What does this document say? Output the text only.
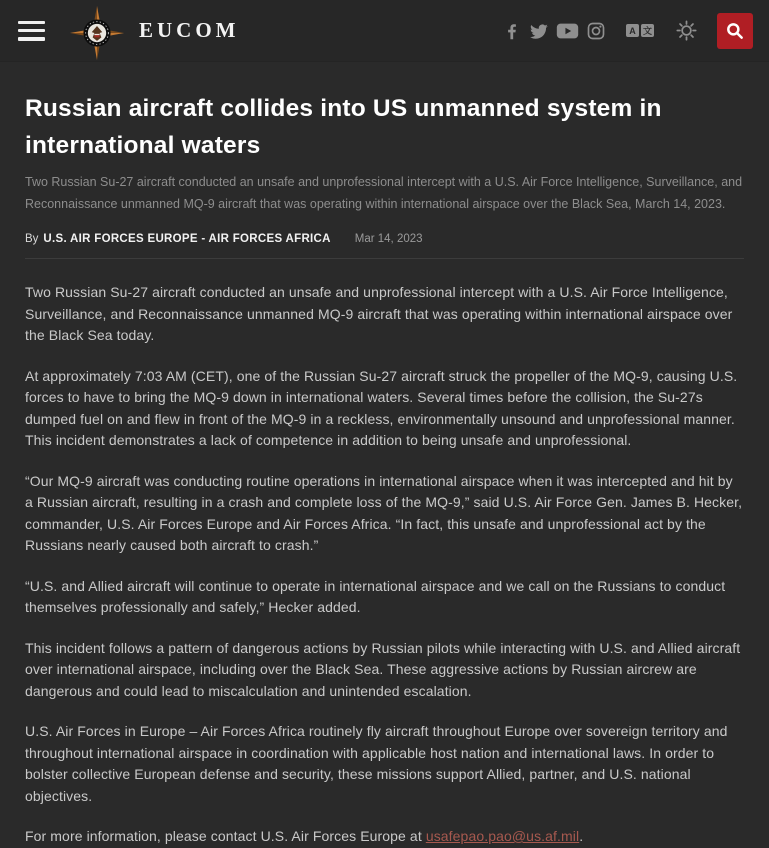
EUCOM	A 文
Russian aircraft collides into US unmanned system in international waters

Two Russian Su-27 aircraft conducted an unsafe and unprofessional intercept with a U.S. Air Force Intelligence, Surveillance, and Reconnaissance unmanned MQ-9 aircraft that was operating within international airspace over the Black Sea, March 14, 2023.

By U.S. AIR FORCES EUROPE - AIR FORCES AFRICA Mar 14, 2023

Two Russian Su-27 aircraft conducted an unsafe and unprofessional intercept with a U.S. Air Force Intelligence, Surveillance, and Reconnaissance unmanned MQ-9 aircraft that was operating within international airspace over the Black Sea today.

At approximately 7:03 AM (CET), one of the Russian Su-27 aircraft struck the propeller of the MQ-9, causing U.S. forces to have to bring the MQ-9 down in international waters. Several times before the collision, the Su-27s dumped fuel on and flew in front of the MQ-9 in a reckless, environmentally unsound and unprofessional manner. This incident demonstrates a lack of competence in addition to being unsafe and unprofessional.

“Our MQ-9 aircraft was conducting routine operations in international airspace when it was intercepted and hit by a Russian aircraft, resulting in a crash and complete loss of the MQ-9,” said U.S. Air Force Gen. James B. Hecker, commander, U.S. Air Forces Europe and Air Forces Africa. “In fact, this unsafe and unprofessional act by the Russians nearly caused both aircraft to crash.”

“U.S. and Allied aircraft will continue to operate in international airspace and we call on the Russians to conduct themselves professionally and safely,” Hecker added.

This incident follows a pattern of dangerous actions by Russian pilots while interacting with U.S. and Allied aircraft over international airspace, including over the Black Sea. These aggressive actions by Russian aircrew are dangerous and could lead to miscalculation and unintended escalation.

U.S. Air Forces in Europe – Air Forces Africa routinely fly aircraft throughout Europe over sovereign territory and throughout international airspace in coordination with applicable host nation and international laws. In order to bolster collective European defense and security, these missions support Allied, partner, and U.S. national objectives.

For more information, please contact U.S. Air Forces Europe at usafepao.pao@us.af.mil.
